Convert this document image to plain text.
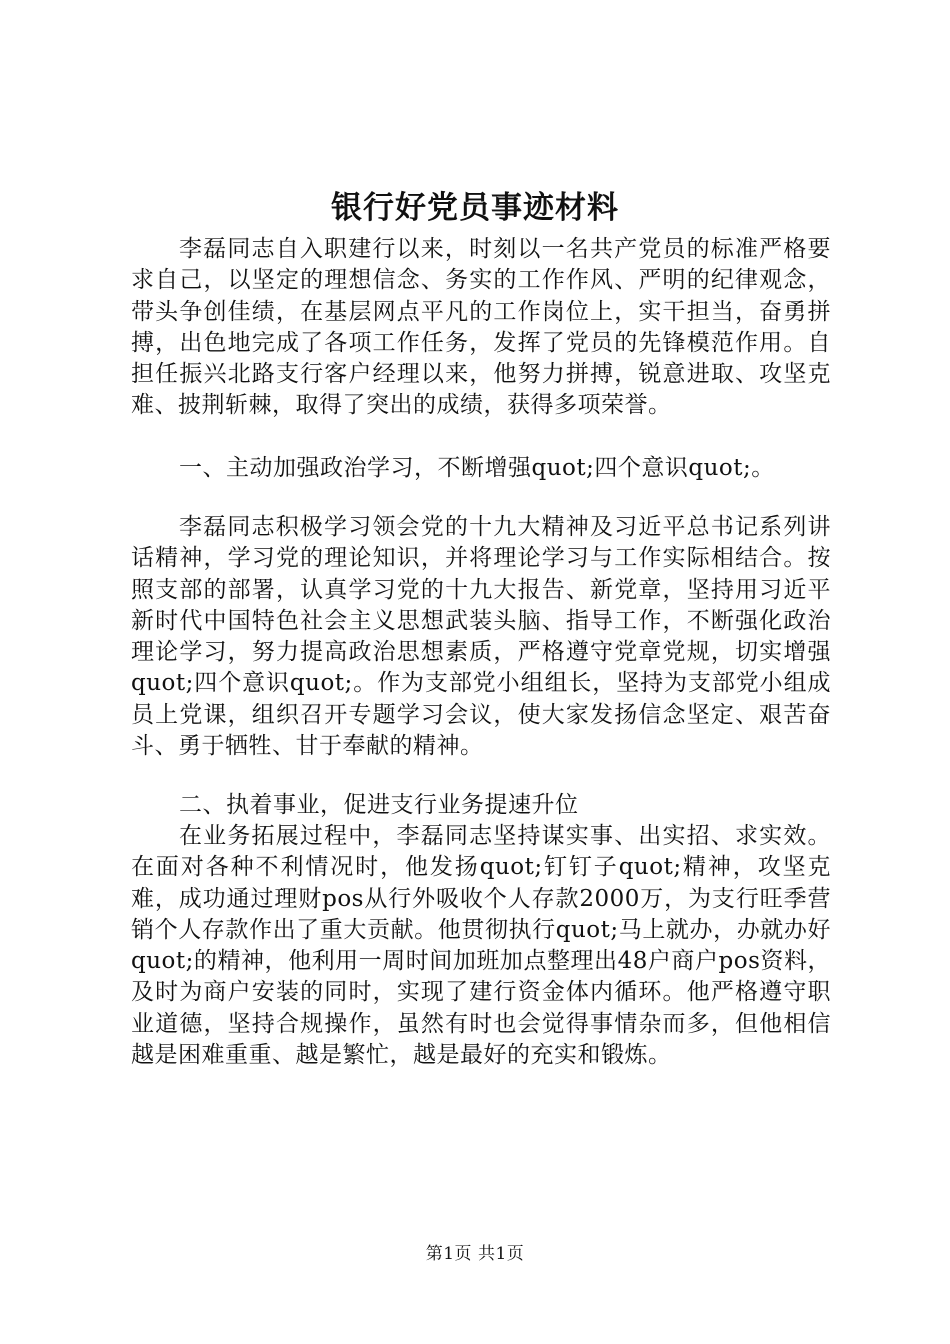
银行好党员事迹材料

李磊同志自入职建行以来，时刻以一名共产党员的标准严格要求自己，以坚定的理想信念、务实的工作作风、严明的纪律观念，带头争创佳绩，在基层网点平凡的工作岗位上，实干担当，奋勇拼搏，出色地完成了各项工作任务，发挥了党员的先锋模范作用。自担任振兴北路支行客户经理以来，他努力拼搏，锐意进取、攻坚克难、披荆斩棘，取得了突出的成绩，获得多项荣誉。

一、主动加强政治学习，不断增强quot;四个意识quot;。

李磊同志积极学习领会党的十九大精神及习近平总书记系列讲话精神，学习党的理论知识，并将理论学习与工作实际相结合。按照支部的部署，认真学习党的十九大报告、新党章，坚持用习近平新时代中国特色社会主义思想武装头脑、指导工作，不断强化政治理论学习，努力提高政治思想素质，严格遵守党章党规，切实增强quot;四个意识quot;。作为支部党小组组长，坚持为支部党小组成员上党课，组织召开专题学习会议，使大家发扬信念坚定、艰苦奋斗、勇于牺牲、甘于奉献的精神。

二、执着事业，促进支行业务提速升位

在业务拓展过程中，李磊同志坚持谋实事、出实招、求实效。在面对各种不利情况时，他发扬quot;钉钉子quot;精神，攻坚克难，成功通过理财pos从行外吸收个人存款2000万，为支行旺季营销个人存款作出了重大贡献。他贯彻执行quot;马上就办，办就办好quot;的精神，他利用一周时间加班加点整理出48户商户pos资料，及时为商户安装的同时，实现了建行资金体内循环。他严格遵守职业道德，坚持合规操作，虽然有时也会觉得事情杂而多，但他相信越是困难重重、越是繁忙，越是最好的充实和锻炼。

第1页 共1页
